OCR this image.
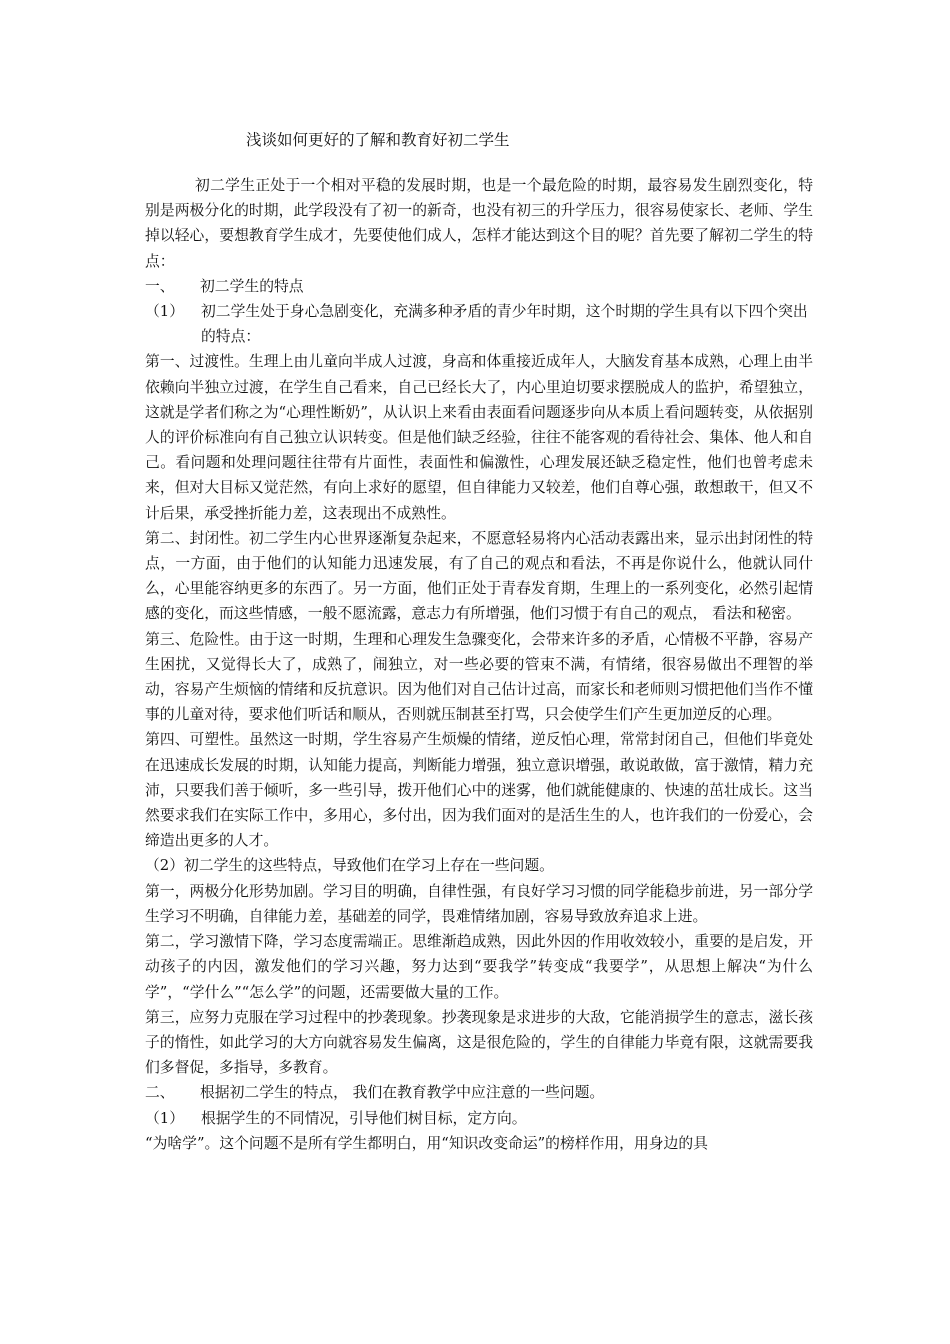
浅谈如何更好的了解和教育好初二学生

初二学生正处于一个相对平稳的发展时期，也是一个最危险的时期，最容易发生剧烈变化，特别是两极分化的时期，此学段没有了初一的新奇，也没有初三的升学压力，很容易使家长、老师、学生掉以轻心，要想教育学生成才，先要使他们成人，怎样才能达到这个目的呢？首先要了解初二学生的特点：

一、 初二学生的特点

（1） 初二学生处于身心急剧变化，充满多种矛盾的青少年时期，这个时期的学生具有以下四个突出的特点：

第一、过渡性。生理上由儿童向半成人过渡，身高和体重接近成年人，大脑发育基本成熟，心理上由半依赖向半独立过渡，在学生自己看来，自己已经长大了，内心里迫切要求摆脱成人的监护，希望独立，这就是学者们称之为“心理性断奶”，从认识上来看由表面看问题逐步向从本质上看问题转变，从依据别人的评价标准向有自己独立认识转变。但是他们缺乏经验，往往不能客观的看待社会、集体、他人和自己。看问题和处理问题往往带有片面性，表面性和偏激性，心理发展还缺乏稳定性，他们也曾考虑未来，但对大目标又觉茫然，有向上求好的愿望，但自律能力又较差，他们自尊心强，敢想敢干，但又不计后果，承受挫折能力差，这表现出不成熟性。

第二、封闭性。初二学生内心世界逐渐复杂起来，不愿意轻易将内心活动表露出来，显示出封闭性的特点，一方面，由于他们的认知能力迅速发展，有了自己的观点和看法，不再是你说什么，他就认同什么，心里能容纳更多的东西了。另一方面，他们正处于青春发育期，生理上的一系列变化，必然引起情感的变化，而这些情感，一般不愿流露，意志力有所增强，他们习惯于有自己的观点， 看法和秘密。

第三、危险性。由于这一时期，生理和心理发生急骤变化，会带来许多的矛盾，心情极不平静，容易产生困扰，又觉得长大了，成熟了，闹独立，对一些必要的管束不满，有情绪，很容易做出不理智的举动，容易产生烦恼的情绪和反抗意识。因为他们对自己估计过高，而家长和老师则习惯把他们当作不懂事的儿童对待，要求他们听话和顺从，否则就压制甚至打骂，只会使学生们产生更加逆反的心理。

第四、可塑性。虽然这一时期，学生容易产生烦燥的情绪，逆反怕心理，常常封闭自己，但他们毕竟处在迅速成长发展的时期，认知能力提高，判断能力增强，独立意识增强，敢说敢做，富于激情，精力充沛，只要我们善于倾听，多一些引导，拨开他们心中的迷雾，他们就能健康的、快速的茁壮成长。这当然要求我们在实际工作中，多用心，多付出，因为我们面对的是活生生的人，也许我们的一份爱心，会缔造出更多的人才。

（2）初二学生的这些特点，导致他们在学习上存在一些问题。

第一，两极分化形势加剧。学习目的明确，自律性强，有良好学习习惯的同学能稳步前进，另一部分学生学习不明确，自律能力差，基础差的同学，畏难情绪加剧，容易导致放弃追求上进。

第二，学习激情下降，学习态度需端正。思维渐趋成熟，因此外因的作用收效较小，重要的是启发，开动孩子的内因，激发他们的学习兴趣，努力达到“要我学”转变成“我要学”，从思想上解决“为什么学”，“学什么”“怎么学”的问题，还需要做大量的工作。

第三，应努力克服在学习过程中的抄袭现象。抄袭现象是求进步的大敌，它能消损学生的意志，滋长孩子的惰性，如此学习的大方向就容易发生偏离，这是很危险的，学生的自律能力毕竟有限，这就需要我们多督促，多指导，多教育。

二、 根据初二学生的特点， 我们在教育教学中应注意的一些问题。

（1） 根据学生的不同情况，引导他们树目标，定方向。

“为啥学”。这个问题不是所有学生都明白，用“知识改变命运”的榜样作用，用身边的具
